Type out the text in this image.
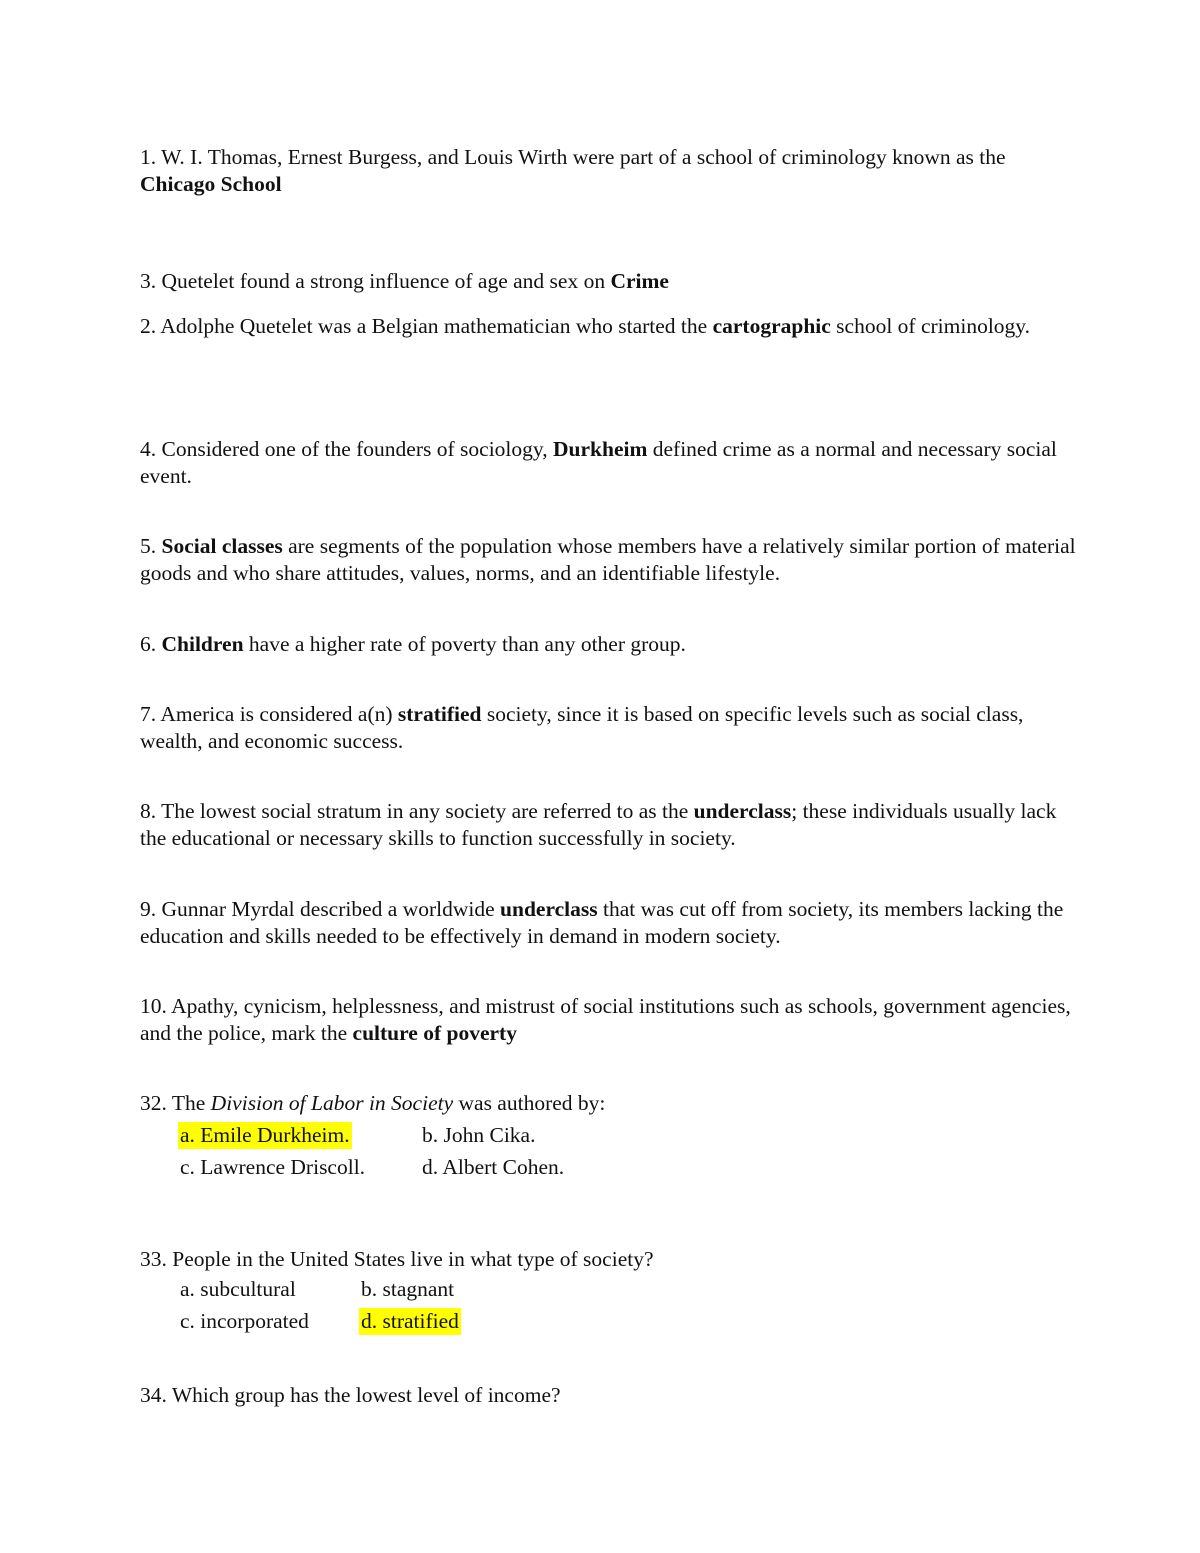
1. W. I. Thomas, Ernest Burgess, and Louis Wirth were part of a school of criminology known as the Chicago School

3. Quetelet found a strong influence of age and sex on Crime

2. Adolphe Quetelet was a Belgian mathematician who started the cartographic school of criminology.

4. Considered one of the founders of sociology, Durkheim defined crime as a normal and necessary social event.

5. Social classes are segments of the population whose members have a relatively similar portion of material goods and who share attitudes, values, norms, and an identifiable lifestyle.

6. Children have a higher rate of poverty than any other group.

7. America is considered a(n) stratified society, since it is based on specific levels such as social class, wealth, and economic success.

8. The lowest social stratum in any society are referred to as the underclass; these individuals usually lack the educational or necessary skills to function successfully in society.

9. Gunnar Myrdal described a worldwide underclass that was cut off from society, its members lacking the education and skills needed to be effectively in demand in modern society.

10. Apathy, cynicism, helplessness, and mistrust of social institutions such as schools, government agencies, and the police, mark the culture of poverty

32. The Division of Labor in Society was authored by:

a. Emile Durkheim.	b. John Cika.
c. Lawrence Driscoll.	d. Albert Cohen.

33. People in the United States live in what type of society?

a. subcultural	b. stagnant
c. incorporated d. stratified

34. Which group has the lowest level of income?
